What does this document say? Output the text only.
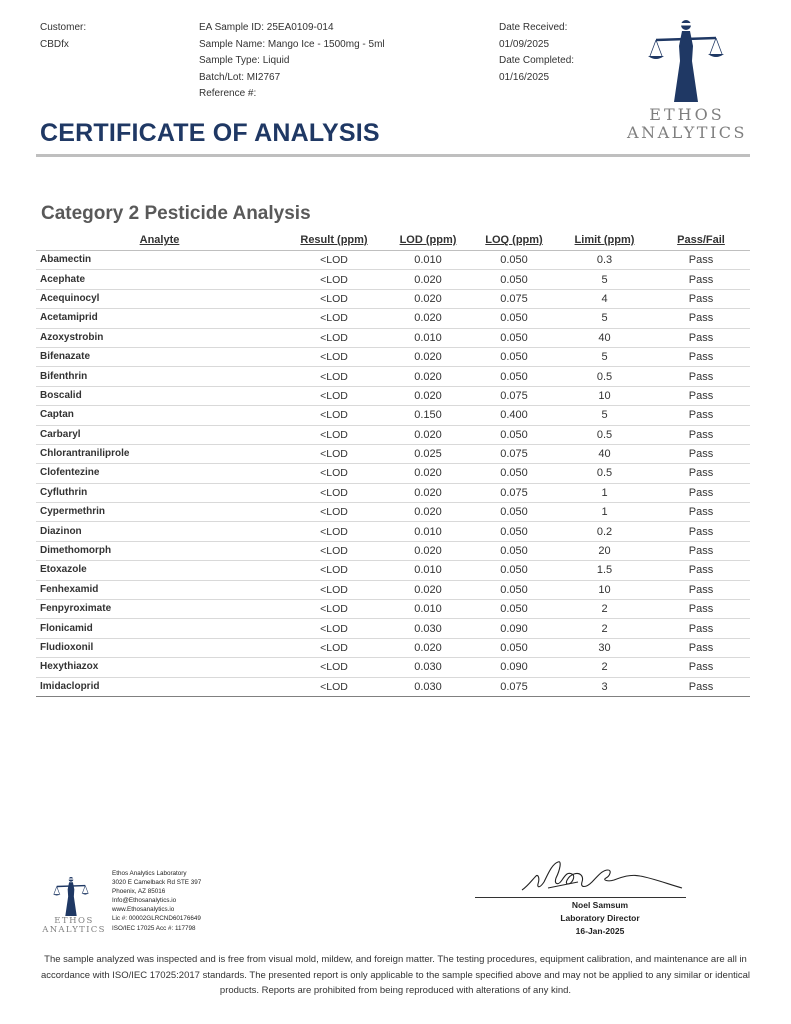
Customer:
CBDfx
EA Sample ID: 25EA0109-014
Sample Name: Mango Ice - 1500mg - 5ml
Sample Type: Liquid
Batch/Lot: MI2767
Reference #:
Date Received:
01/09/2025
Date Completed:
01/16/2025
ETHOS
ANALYTICS
CERTIFICATE OF ANALYSIS
Category 2 Pesticide Analysis
Analyte	Result (ppm)	LOD (ppm)	LOQ (ppm)	Limit (ppm)	Pass/Fail
Abamectin	<LOD	0.010	0.050	0.3	Pass
Acephate	<LOD	0.020	0.050	5	Pass
Acequinocyl	<LOD	0.020	0.075	4	Pass
Acetamiprid	<LOD	0.020	0.050	5	Pass
Azoxystrobin	<LOD	0.010	0.050	40	Pass
Bifenazate	<LOD	0.020	0.050	5	Pass
Bifenthrin	<LOD	0.020	0.050	0.5	Pass
Boscalid	<LOD	0.020	0.075	10	Pass
Captan	<LOD	0.150	0.400	5	Pass
Carbaryl	<LOD	0.020	0.050	0.5	Pass
Chlorantraniliprole	<LOD	0.025	0.075	40	Pass
Clofentezine	<LOD	0.020	0.050	0.5	Pass
Cyfluthrin	<LOD	0.020	0.075	1	Pass
Cypermethrin	<LOD	0.020	0.050	1	Pass
Diazinon	<LOD	0.010	0.050	0.2	Pass
Dimethomorph	<LOD	0.020	0.050	20	Pass
Etoxazole	<LOD	0.010	0.050	1.5	Pass
Fenhexamid	<LOD	0.020	0.050	10	Pass
Fenpyroximate	<LOD	0.010	0.050	2	Pass
Flonicamid	<LOD	0.030	0.090	2	Pass
Fludioxonil	<LOD	0.020	0.050	30	Pass
Hexythiazox	<LOD	0.030	0.090	2	Pass
Imidacloprid	<LOD	0.030	0.075	3	Pass
ETHOS
ANALYTICS
Ethos Analytics Laboratory
3020 E Camelback Rd STE 397
Phoenix, AZ 85016
Info@Ethosanalytics.io
www.Ethosanalytics.io
Lic #: 00002GLRCND60176649
ISO/IEC 17025 Acc #: 117798
Noel Samsum
Laboratory Director
16-Jan-2025
The sample analyzed was inspected and is free from visual mold, mildew, and foreign matter. The testing procedures, equipment calibration, and maintenance are all in accordance with ISO/IEC 17025:2017 standards. The presented report is only applicable to the sample specified above and may not be applied to any similar or identical products. Reports are prohibited from being reproduced with alterations of any kind.
